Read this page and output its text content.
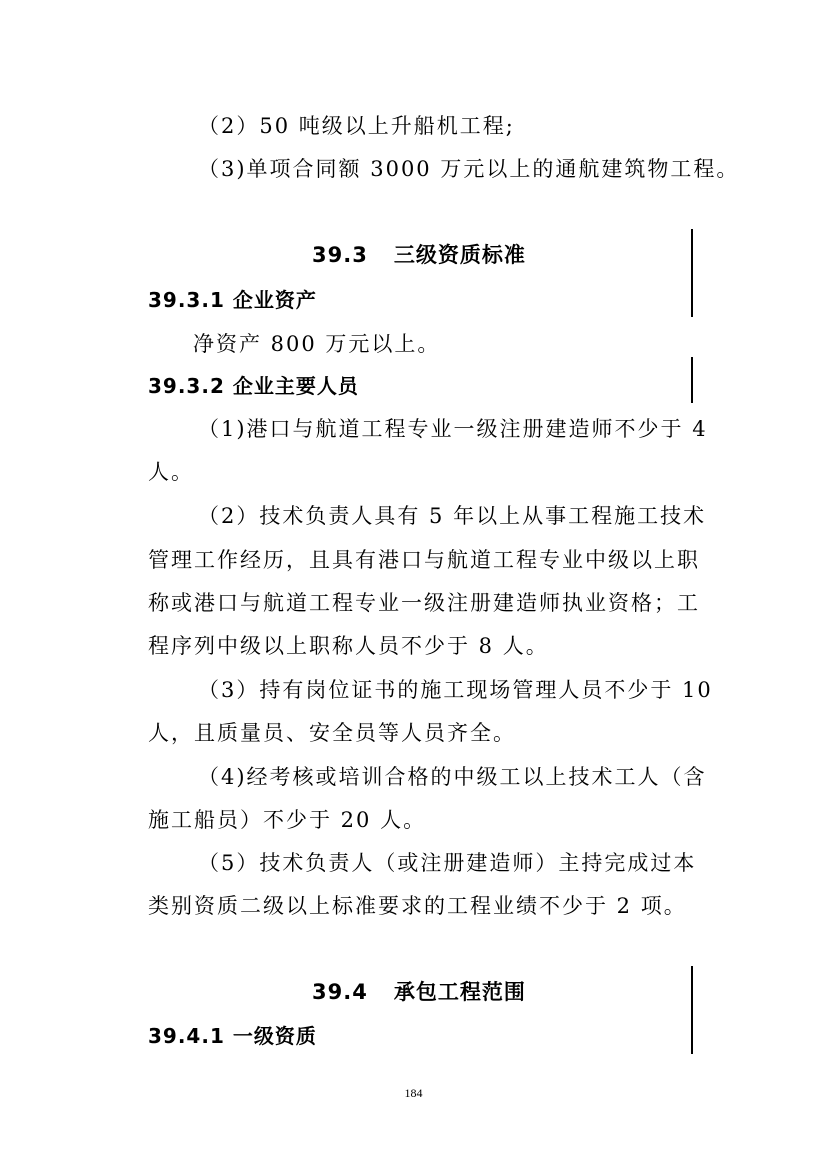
（2）50 吨级以上升船机工程;
（3)单项合同额 3000 万元以上的通航建筑物工程。
39.3 三级资质标准
39.3.1 企业资产
净资产 800 万元以上。
39.3.2 企业主要人员
（1)港口与航道工程专业一级注册建造师不少于 4
人。
（2）技术负责人具有 5 年以上从事工程施工技术
管理工作经历，且具有港口与航道工程专业中级以上职
称或港口与航道工程专业一级注册建造师执业资格；工
程序列中级以上职称人员不少于 8 人。
（3）持有岗位证书的施工现场管理人员不少于 10
人，且质量员、安全员等人员齐全。
（4)经考核或培训合格的中级工以上技术工人（含
施工船员）不少于 20 人。
（5）技术负责人（或注册建造师）主持完成过本
类别资质二级以上标准要求的工程业绩不少于 2 项。
39.4 承包工程范围
39.4.1 一级资质
184
